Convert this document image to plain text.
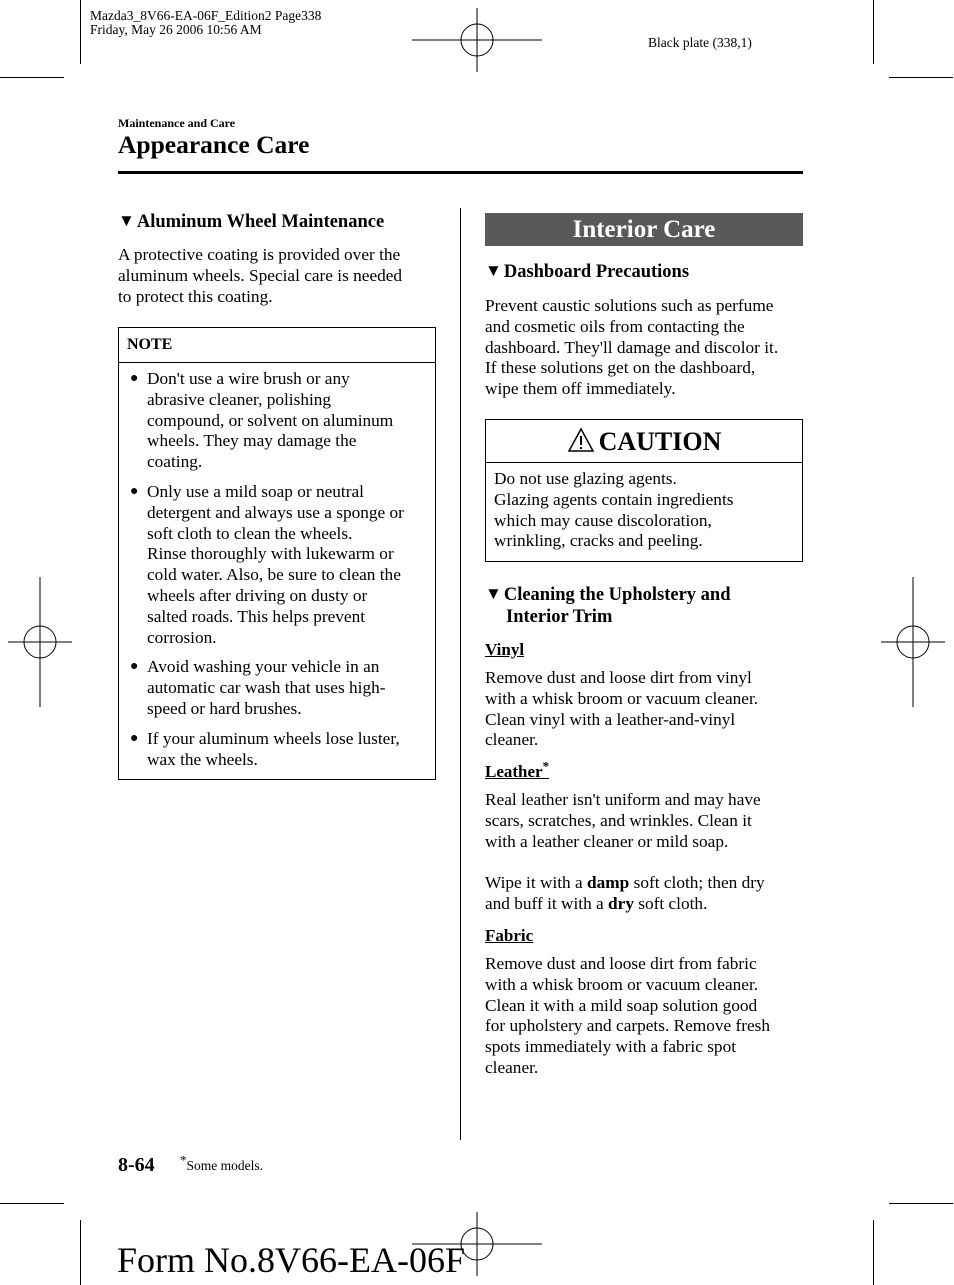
Mazda3_8V66-EA-06F_Edition2 Page338
Friday, May 26 2006 10:56 AM
Black plate (338,1)
Maintenance and Care
Appearance Care
▼ Aluminum Wheel Maintenance
A protective coating is provided over the
aluminum wheels. Special care is needed
to protect this coating.
NOTE
● Don't use a wire brush or any
abrasive cleaner, polishing
compound, or solvent on aluminum
wheels. They may damage the
coating.
● Only use a mild soap or neutral
detergent and always use a sponge or
soft cloth to clean the wheels.
Rinse thoroughly with lukewarm or
cold water. Also, be sure to clean the
wheels after driving on dusty or
salted roads. This helps prevent
corrosion.
● Avoid washing your vehicle in an
automatic car wash that uses high-
speed or hard brushes.
● If your aluminum wheels lose luster,
wax the wheels.
Interior Care
▼ Dashboard Precautions
Prevent caustic solutions such as perfume
and cosmetic oils from contacting the
dashboard. They'll damage and discolor it.
If these solutions get on the dashboard,
wipe them off immediately.
CAUTION
Do not use glazing agents.
Glazing agents contain ingredients
which may cause discoloration,
wrinkling, cracks and peeling.
▼ Cleaning the Upholstery and
Interior Trim
Vinyl
Remove dust and loose dirt from vinyl
with a whisk broom or vacuum cleaner.
Clean vinyl with a leather-and-vinyl
cleaner.
Leather*
Real leather isn't uniform and may have
scars, scratches, and wrinkles. Clean it
with a leather cleaner or mild soap.
Wipe it with a damp soft cloth; then dry
and buff it with a dry soft cloth.
Fabric
Remove dust and loose dirt from fabric
with a whisk broom or vacuum cleaner.
Clean it with a mild soap solution good
for upholstery and carpets. Remove fresh
spots immediately with a fabric spot
cleaner.
8-64 *Some models.
Form No.8V66-EA-06F
